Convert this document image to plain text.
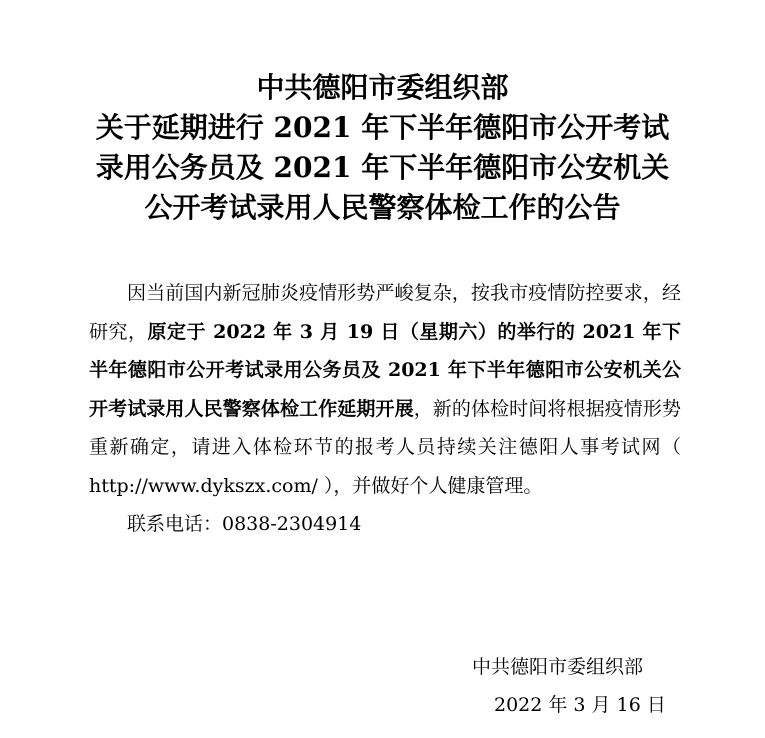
中共德阳市委组织部
关于延期进行 2021 年下半年德阳市公开考试
录用公务员及 2021 年下半年德阳市公安机关
公开考试录用人民警察体检工作的公告

因当前国内新冠肺炎疫情形势严峻复杂，按我市疫情防控要求，经研究，原定于 2022 年 3 月 19 日（星期六）的举行的 2021 年下半年德阳市公开考试录用公务员及 2021 年下半年德阳市公安机关公开考试录用人民警察体检工作延期开展，新的体检时间将根据疫情形势重新确定，请进入体检环节的报考人员持续关注德阳人事考试网（ http://www.dykszx.com/ ），并做好个人健康管理。

联系电话：0838-2304914

中共德阳市委组织部
2022 年 3 月 16 日
